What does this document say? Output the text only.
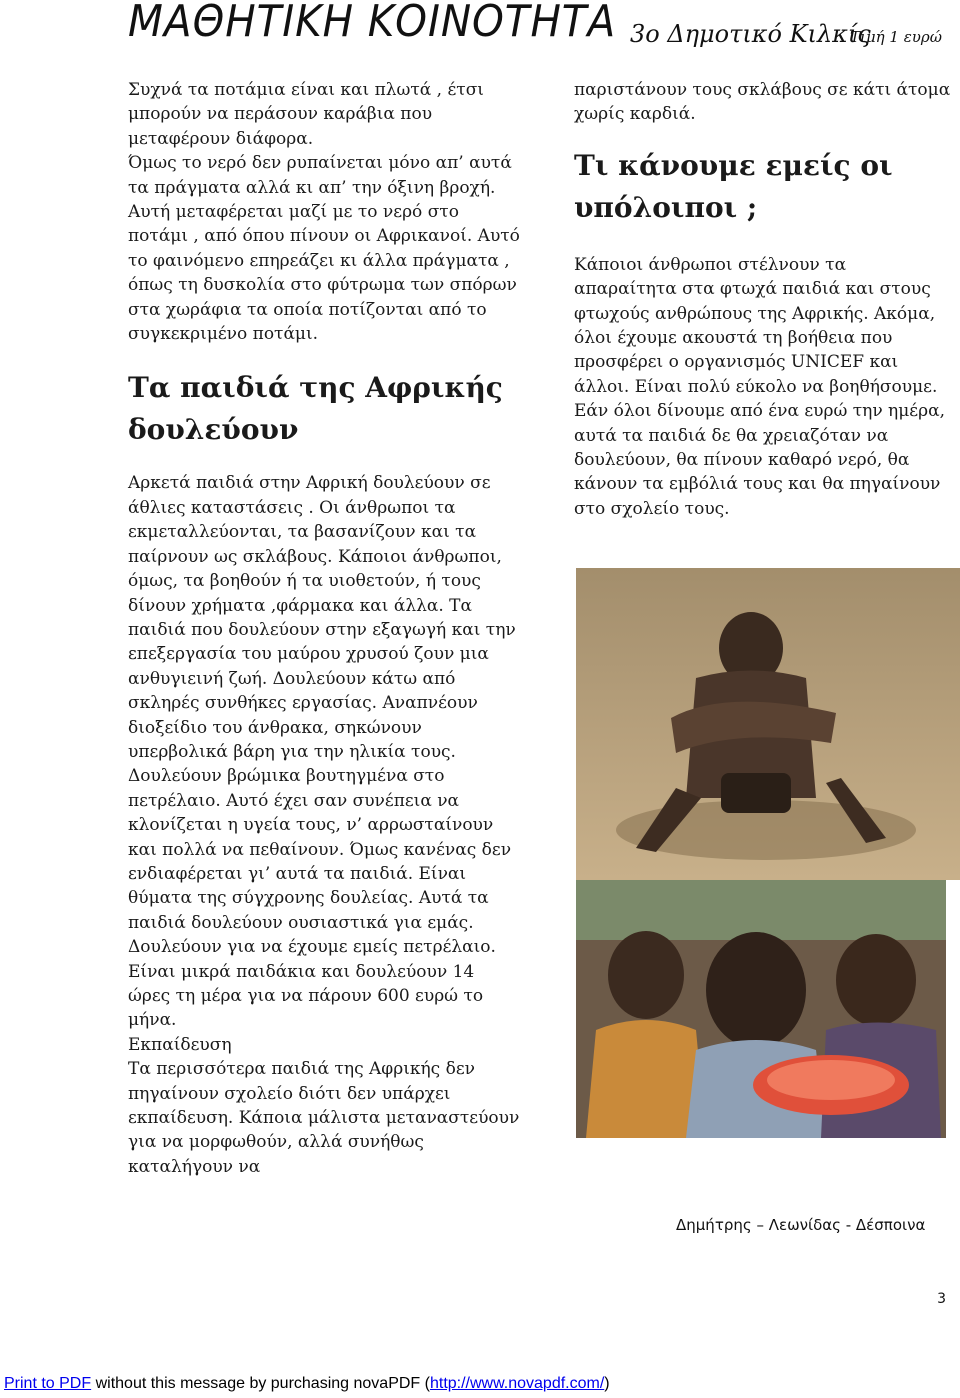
ΜΑΘΗΤΙΚΗ ΚΟΙΝΟΤΗΤΑ 3ο Δημοτικό Κιλκίς
Τιμή 1 ευρώ

Συχνά τα ποτάμια είναι και πλωτά , έτσι μπορούν να περάσουν καράβια που μεταφέρουν διάφορα.

Όμως το νερό δεν ρυπαίνεται μόνο απ’ αυτά τα πράγματα αλλά κι απ’ την όξινη βροχή. Αυτή μεταφέρεται μαζί με το νερό στο ποτάμι , από όπου πίνουν οι Αφρικανοί. Αυτό το φαινόμενο επηρεάζει κι άλλα πράγματα , όπως τη δυσκολία στο φύτρωμα των σπόρων στα χωράφια τα οποία ποτίζονται από το συγκεκριμένο ποτάμι.

Τα παιδιά της Αφρικής δουλεύουν

Αρκετά παιδιά στην Αφρική δουλεύουν σε άθλιες καταστάσεις . Οι άνθρωποι τα εκμεταλλεύονται, τα βασανίζουν και τα παίρνουν ως σκλάβους. Κάποιοι άνθρωποι, όμως, τα βοηθούν ή τα υιοθετούν, ή τους δίνουν χρήματα ,φάρμακα και άλλα. Τα παιδιά που δουλεύουν στην εξαγωγή και την επεξεργασία του μαύρου χρυσού ζουν μια ανθυγιεινή ζωή. Δουλεύουν κάτω από σκληρές συνθήκες εργασίας. Αναπνέουν διοξείδιο του άνθρακα, σηκώνουν υπερβολικά βάρη για την ηλικία τους. Δουλεύουν βρώμικα βουτηγμένα στο πετρέλαιο. Αυτό έχει σαν συνέπεια να κλονίζεται η υγεία τους, ν’ αρρωσταίνουν και πολλά να πεθαίνουν. Όμως κανένας δεν ενδιαφέρεται γι’ αυτά τα παιδιά. Είναι θύματα της σύγχρονης δουλείας. Αυτά τα παιδιά δουλεύουν ουσιαστικά για εμάς. Δουλεύουν για να έχουμε εμείς πετρέλαιο. Είναι μικρά παιδάκια και δουλεύουν 14 ώρες τη μέρα για να πάρουν 600 ευρώ το μήνα.

Εκπαίδευση

Τα περισσότερα παιδιά της Αφρικής δεν πηγαίνουν σχολείο διότι δεν υπάρχει εκπαίδευση. Κάποια μάλιστα μεταναστεύουν για να μορφωθούν, αλλά συνήθως καταλήγουν να

παριστάνουν τους σκλάβους σε κάτι άτομα χωρίς καρδιά.

Τι κάνουμε εμείς οι υπόλοιποι ;

Κάποιοι άνθρωποι στέλνουν τα απαραίτητα στα φτωχά παιδιά και στους φτωχούς ανθρώπους της Αφρικής. Ακόμα, όλοι έχουμε ακουστά τη βοήθεια που προσφέρει ο οργανισμός UNICEF και άλλοι. Είναι πολύ εύκολο να βοηθήσουμε. Εάν όλοι δίνουμε από ένα ευρώ την ημέρα, αυτά τα παιδιά δε θα χρειαζόταν να δουλεύουν, θα πίνουν καθαρό νερό, θα κάνουν τα εμβόλιά τους και θα πηγαίνουν στο σχολείο τους.

Δημήτρης – Λεωνίδας - Δέσποινα
3
Print to PDF without this message by purchasing novaPDF (http://www.novapdf.com/)
